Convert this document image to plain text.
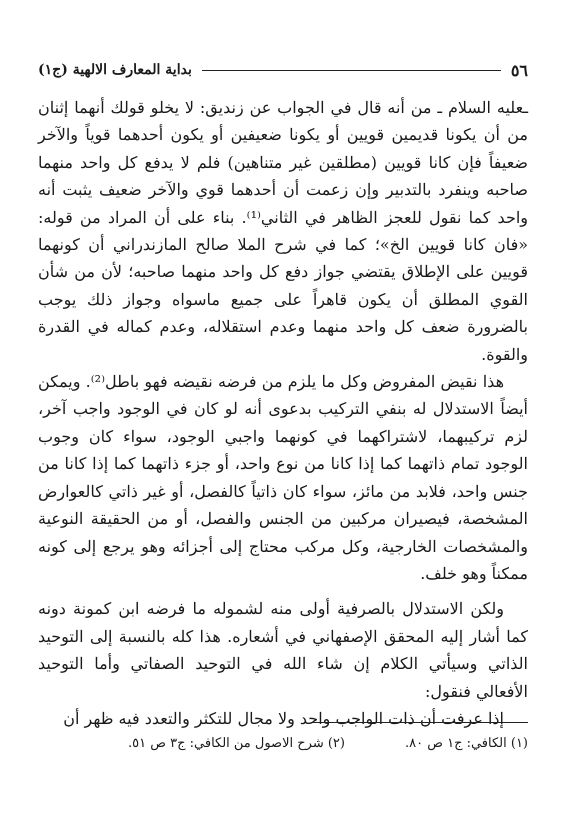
٥٦
بداية المعارف الالهية (ج١)

ـعليه السلام ـ من أنه قال في الجواب عن زنديق: لا يخلو قولك أنهما إثنان من أن يكونا قديمين قويين أو يكونا ضعيفين أو يكون أحدهما قوياً والآخر ضعيفاً فإن كانا قويين (مطلقين غير متناهين) فلم لا يدفع كل واحد منهما صاحبه وينفرد بالتدبير وإن زعمت أن أحدهما قوي والآخر ضعيف يثبت أنه واحد كما نقول للعجز الظاهر في الثاني⁽¹⁾. بناء على أن المراد من قوله: «فان كانا قويين الخ»؛ كما في شرح الملا صالح المازندراني أن كونهما قويين على الإطلاق يقتضي جواز دفع كل واحد منهما صاحبه؛ لأن من شأن القوي المطلق أن يكون قاهراً على جميع ماسواه وجواز ذلك يوجب بالضرورة ضعف كل واحد منهما وعدم استقلاله، وعدم كماله في القدرة والقوة.

هذا نقيض المفروض وكل ما يلزم من فرضه نقيضه فهو باطل⁽²⁾. ويمكن أيضاً الاستدلال له بنفي التركيب بدعوى أنه لو كان في الوجود واجب آخر، لزم تركيبهما، لاشتراكهما في كونهما واجبي الوجود، سواء كان وجوب الوجود تمام ذاتهما كما إذا كانا من نوع واحد، أو جزء ذاتهما كما إذا كانا من جنس واحد، فلابد من مائز، سواء كان ذاتياً كالفصل، أو غير ذاتي كالعوارض المشخصة، فيصيران مركبين من الجنس والفصل، أو من الحقيقة النوعية والمشخصات الخارجية، وكل مركب محتاج إلى أجزائه وهو يرجع إلى كونه ممكناً وهو خلف.

ولكن الاستدلال بالصرفية أولى منه لشموله ما فرضه ابن كمونة دونه كما أشار إليه المحقق الإصفهاني في أشعاره. هذا كله بالنسبة إلى التوحيد الذاتي وسيأتي الكلام إن شاء الله في التوحيد الصفاتي وأما التوحيد الأفعالي فنقول:

إذا عرفت أن ذات الواجب واحد ولا مجال للتكثر والتعدد فيه ظهر أن

(١) الكافي: ج١ ص ٨٠.
(٢) شرح الاصول من الكافي: ج٣ ص ٥١.
